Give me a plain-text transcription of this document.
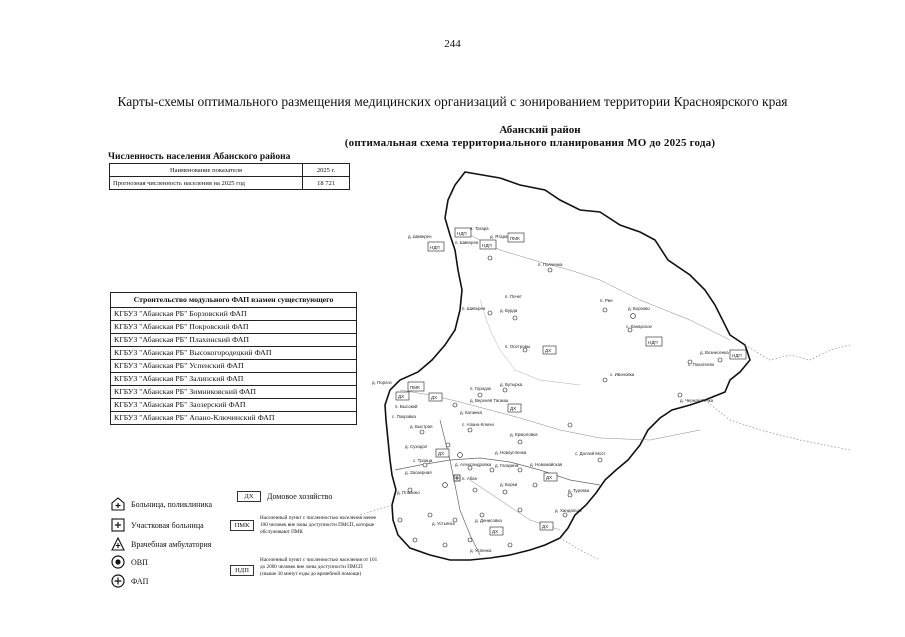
244
Карты-схемы оптимального размещения медицинских организаций с зонированием территории Красноярского края
Абанский район
(оптимальная схема территориального планирования МО до 2025 года)
Численность населения Абанского района
Наименование показателя	2025 г.
Прогнозная численность населения на 2025 год	18 721
Строительство модульного ФАП взамен существующего
КГБУЗ "Абанская РБ" Борзовский ФАП
КГБУЗ "Абанская РБ" Покровский ФАП
КГБУЗ "Абанская РБ" Плахинский ФАП
КГБУЗ "Абанская РБ" Высокогородецкий ФАП
КГБУЗ "Абанская РБ" Успенский ФАП
КГБУЗ "Абанская РБ" Залипский ФАП
КГБУЗ "Абанская РБ" Зимниковский ФАП
КГБУЗ "Абанская РБ" Заозерский ФАП
КГБУЗ "Абанская РБ" Апано-Ключинский ФАП
НДП
НДП
НДП
НДП
НДП
ДХ
ДХ
ДХ
ДХ
ДХ
ДХ
ДХ
ДХ
ПМК
ПМК
д. Шиверен
п. Тагара
д. Ятара
п. Шиверен
п. Полченка
п. Почет
п. Шиверен	д. Бурда
п. Рие
д. Борзово
с. Канарское
д. Вознесенка
п. Осетровы
с. Покатеево
с. Ивоновка
д. Черная Речка
д. Пороги
п. Высокий
д. Бутырка
п. Городок
с. Покровка
д. Верхняя Тагаиш
д. Калинка
с. Апано-Ключи
д. Ермоловка
д. Быстрая
д. Суходол
с. Троица
д. Новоуспенка	с. Долгий Мост
д. Заозерная
д. Александровка
п. Абан
д. Гагарина	д. Новомайская
д. Борки
д. Плахино
д. Устьянск
д. Денисовка
д. Успенка
д. Хандальск
д. Туровка
Больница, поликлиника
Участковая больница
Врачебная амбулатория
ОВП
ФАП
ДХ	Домовое хозяйство
ПМК
Населенный пункт с численностью населения менее 100 человек вне зоны доступности ПМСП, которые обслуживают ПМК
НДП
Населенный пункт с численностью населения от 101 до 2000 человек вне зоны доступности ПМСП (свыше 30 минут езды до врачебной помощи)
